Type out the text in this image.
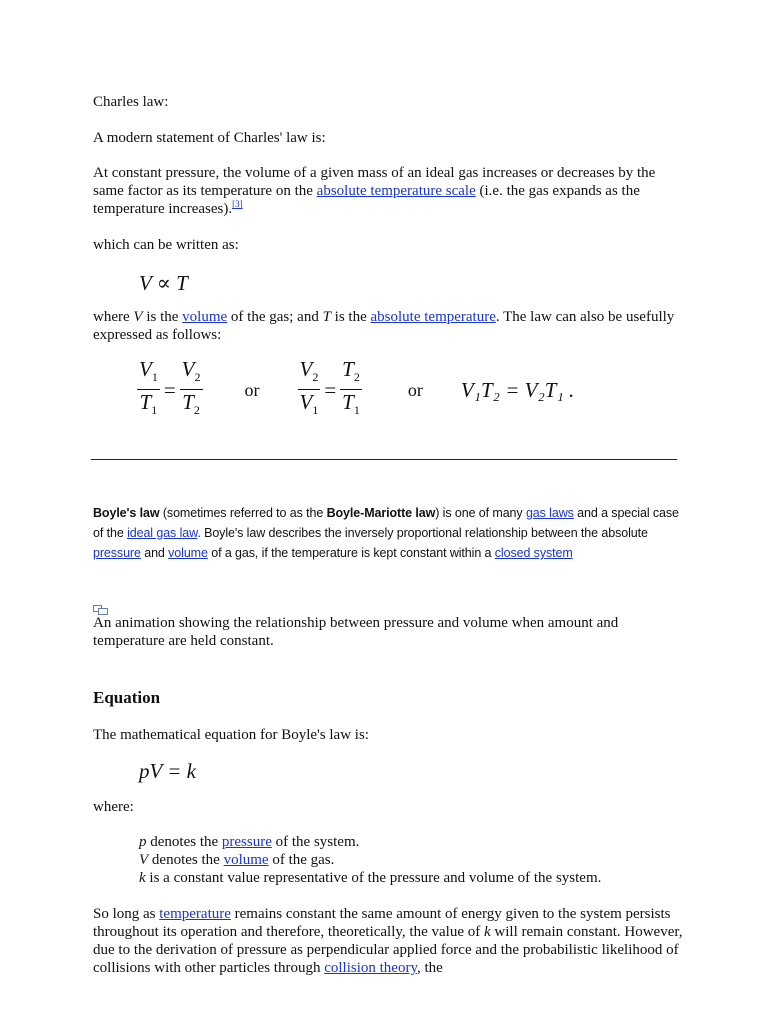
Charles law:
A modern statement of Charles' law is:
At constant pressure, the volume of a given mass of an ideal gas increases or decreases by the same factor as its temperature on the absolute temperature scale (i.e. the gas expands as the temperature increases).[3]
which can be written as:
V ∝ T
where V is the volume of the gas; and T is the absolute temperature. The law can also be usefully expressed as follows:
$\frac{V_1}{T_1} = \frac{V_2}{T_2}$ or $\frac{V_2}{V_1} = \frac{T_2}{T_1}$	or V₁T₂ = V₂T₁ .
Boyle's law (sometimes referred to as the Boyle-Mariotte law) is one of many gas laws and a special case of the ideal gas law. Boyle's law describes the inversely proportional relationship between the absolute pressure and volume of a gas, if the temperature is kept constant within a closed system
An animation showing the relationship between pressure and volume when amount and temperature are held constant.
Equation
The mathematical equation for Boyle's law is:
pV = k
where:
p denotes the pressure of the system.
V denotes the volume of the gas.
k is a constant value representative of the pressure and volume of the system.
So long as temperature remains constant the same amount of energy given to the system persists throughout its operation and therefore, theoretically, the value of k will remain constant. However, due to the derivation of pressure as perpendicular applied force and the probabilistic likelihood of collisions with other particles through collision theory, the
